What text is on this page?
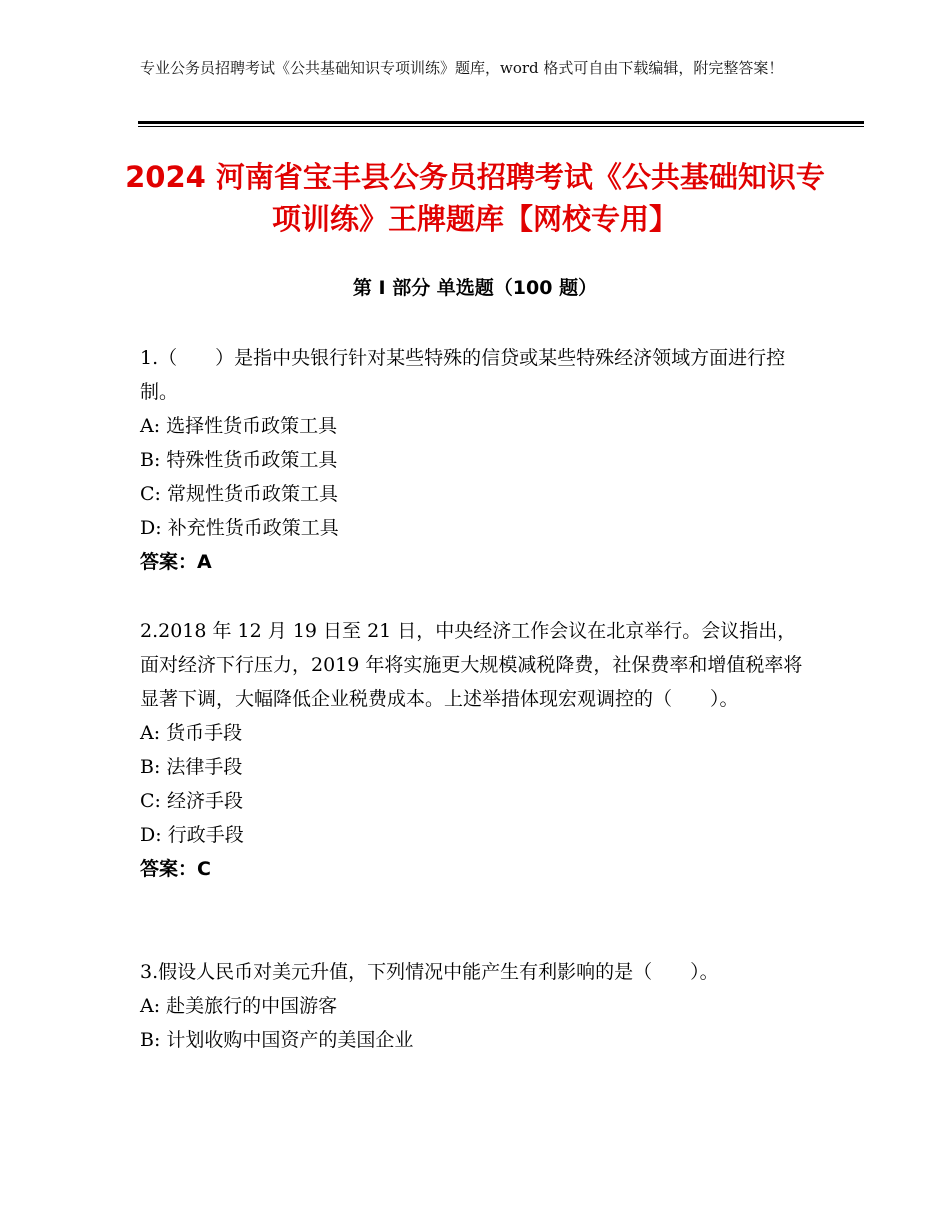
专业公务员招聘考试《公共基础知识专项训练》题库，word 格式可自由下载编辑，附完整答案！
2024 河南省宝丰县公务员招聘考试《公共基础知识专项训练》王牌题库【网校专用】
第 I 部分 单选题（100 题）
1.（　　）是指中央银行针对某些特殊的信贷或某些特殊经济领域方面进行控制。
A: 选择性货币政策工具
B: 特殊性货币政策工具
C: 常规性货币政策工具
D: 补充性货币政策工具
答案：A
2.2018 年 12 月 19 日至 21 日，中央经济工作会议在北京举行。会议指出，面对经济下行压力，2019 年将实施更大规模减税降费，社保费率和增值税率将显著下调，大幅降低企业税费成本。上述举措体现宏观调控的（　　）。
A: 货币手段
B: 法律手段
C: 经济手段
D: 行政手段
答案：C
3.假设人民币对美元升值，下列情况中能产生有利影响的是（　　）。
A: 赴美旅行的中国游客
B: 计划收购中国资产的美国企业
